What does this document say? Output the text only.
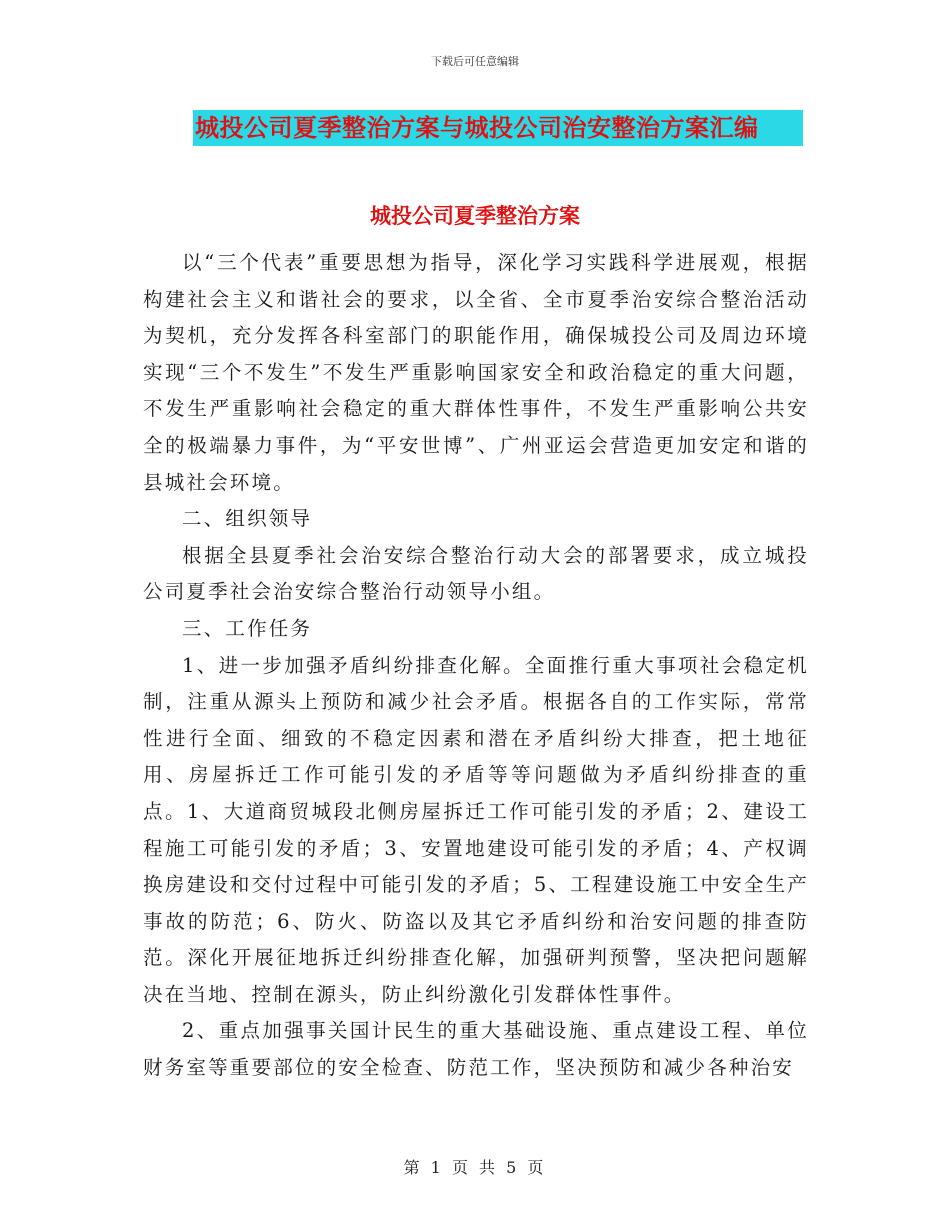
下载后可任意编辑
城投公司夏季整治方案与城投公司治安整治方案汇编
城投公司夏季整治方案

以“三个代表”重要思想为指导，深化学习实践科学进展观，根据构建社会主义和谐社会的要求，以全省、全市夏季治安综合整治活动为契机，充分发挥各科室部门的职能作用，确保城投公司及周边环境实现“三个不发生”不发生严重影响国家安全和政治稳定的重大问题，不发生严重影响社会稳定的重大群体性事件，不发生严重影响公共安全的极端暴力事件，为“平安世博”、广州亚运会营造更加安定和谐的县城社会环境。

二、组织领导

根据全县夏季社会治安综合整治行动大会的部署要求，成立城投公司夏季社会治安综合整治行动领导小组。

三、工作任务

1、进一步加强矛盾纠纷排查化解。全面推行重大事项社会稳定机制，注重从源头上预防和减少社会矛盾。根据各自的工作实际，常常性进行全面、细致的不稳定因素和潜在矛盾纠纷大排查，把土地征用、房屋拆迁工作可能引发的矛盾等等问题做为矛盾纠纷排查的重点。1、大道商贸城段北侧房屋拆迁工作可能引发的矛盾；2、建设工程施工可能引发的矛盾；3、安置地建设可能引发的矛盾；4、产权调换房建设和交付过程中可能引发的矛盾；5、工程建设施工中安全生产事故的防范；6、防火、防盗以及其它矛盾纠纷和治安问题的排查防范。深化开展征地拆迁纠纷排查化解，加强研判预警，坚决把问题解决在当地、控制在源头，防止纠纷激化引发群体性事件。

2、重点加强事关国计民生的重大基础设施、重点建设工程、单位财务室等重要部位的安全检查、防范工作，坚决预防和减少各种治安

第 1 页 共 5 页
